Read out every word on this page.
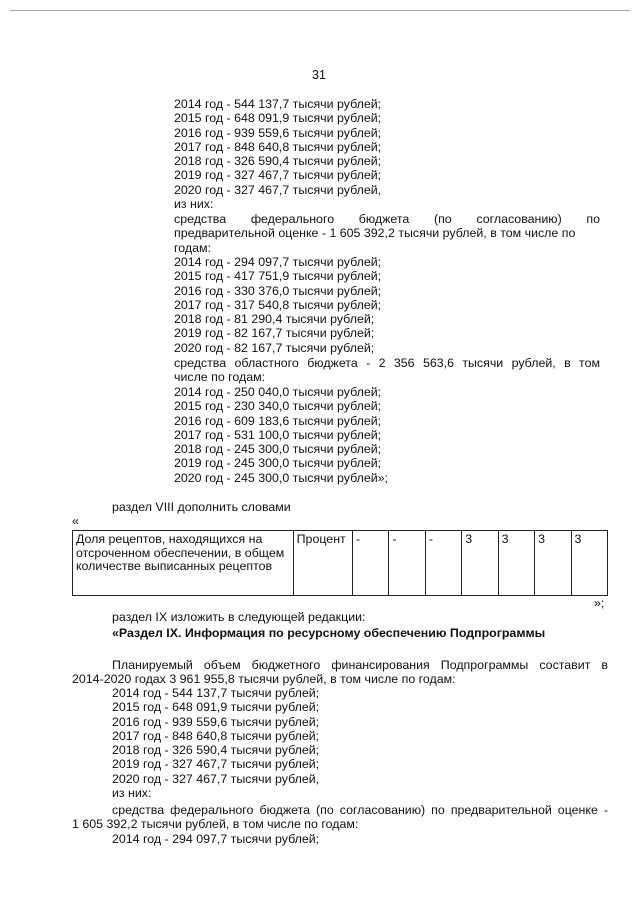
31
2014 год - 544 137,7 тысячи рублей;
2015 год - 648 091,9 тысячи рублей;
2016 год - 939 559,6 тысячи рублей;
2017 год - 848 640,8 тысячи рублей;
2018 год - 326 590,4 тысячи рублей;
2019 год - 327 467,7 тысячи рублей;
2020 год - 327 467,7 тысячи рублей,
из них:
средства федерального бюджета (по согласованию) по
предварительной оценке - 1 605 392,2 тысячи рублей, в том числе по
годам:
2014 год - 294 097,7 тысячи рублей;
2015 год - 417 751,9 тысячи рублей;
2016 год - 330 376,0 тысячи рублей;
2017 год - 317 540,8 тысячи рублей;
2018 год - 81 290,4 тысячи рублей;
2019 год - 82 167,7 тысячи рублей;
2020 год - 82 167,7 тысячи рублей;
средства областного бюджета - 2 356 563,6 тысячи рублей, в том
числе по годам:
2014 год - 250 040,0 тысячи рублей;
2015 год - 230 340,0 тысячи рублей;
2016 год - 609 183,6 тысячи рублей;
2017 год - 531 100,0 тысячи рублей;
2018 год - 245 300,0 тысячи рублей;
2019 год - 245 300,0 тысячи рублей;
2020 год - 245 300,0 тысячи рублей»;
раздел VIII дополнить словами
«
Доля рецептов, находящихся на отсроченном обеспечении, в общем количестве выписанных рецептов	Процент	-	-	-	3	3	3	3
»;
раздел IX изложить в следующей редакции:
«Раздел IX. Информация по ресурсному обеспечению Подпрограммы
Планируемый объем бюджетного финансирования Подпрограммы составит в
2014-2020 годах 3 961 955,8 тысячи рублей, в том числе по годам:
2014 год - 544 137,7 тысячи рублей;
2015 год - 648 091,9 тысячи рублей;
2016 год - 939 559,6 тысячи рублей;
2017 год - 848 640,8 тысячи рублей;
2018 год - 326 590,4 тысячи рублей;
2019 год - 327 467,7 тысячи рублей;
2020 год - 327 467,7 тысячи рублей,
из них:
средства федерального бюджета (по согласованию) по предварительной оценке -
1 605 392,2 тысячи рублей, в том числе по годам:
2014 год - 294 097,7 тысячи рублей;
